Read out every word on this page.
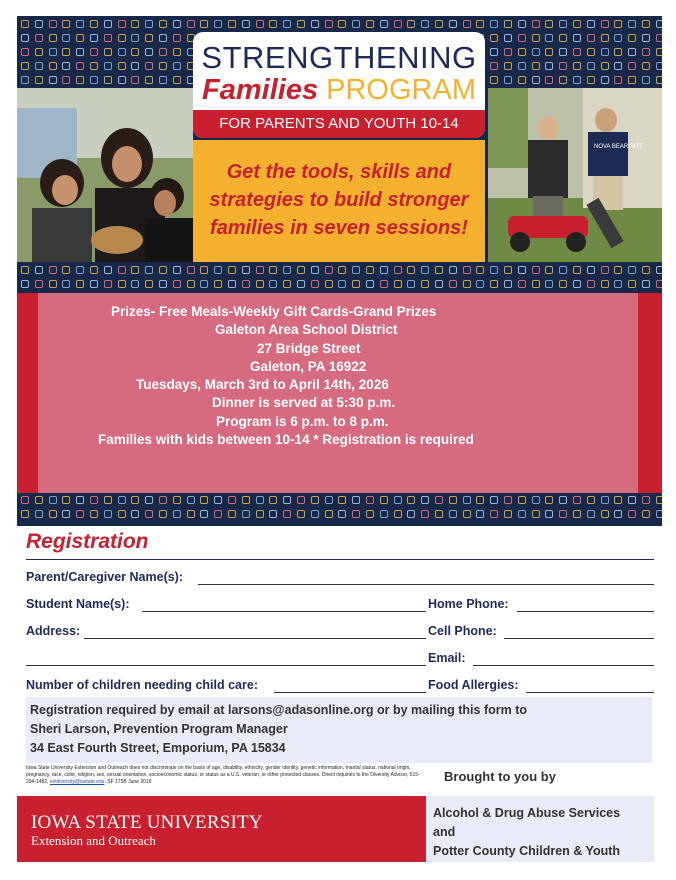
NOVA BEAR SITE
STRENGTHENING
Families PROGRAM
FOR PARENTS AND YOUTH 10-14
Get the tools, skills and
strategies to build stronger
families in seven sessions!
Prizes- Free Meals-Weekly Gift Cards-Grand Prizes
Galeton Area School District
27 Bridge Street
Galeton, PA 16922
Tuesdays, March 3rd to April 14th, 2026
Dinner is served at 5:30 p.m.
Program is 6 p.m. to 8 p.m.
Families with kids between 10-14 * Registration is required
Registration
Parent/Caregiver Name(s):
Student Name(s):	Home Phone:
Address:	Cell Phone:
Email:
Number of children needing child care:	Food Allergies:
Registration required by email at larsons@adasonline.org or by mailing this form to
Sheri Larson, Prevention Program Manager
34 East Fourth Street, Emporium, PA 15834
Iowa State University Extension and Outreach does not discriminate on the basis of age, disability, ethnicity, gender identity, genetic information, marital status, national origin, pregnancy, race, color, religion, sex, sexual orientation, socioeconomic status, or status as a U.S. veteran, or other protected classes. Direct inquiries to the Diversity Advisor, 515-294-1482, extdiversity@iastate.edu. SF 175B June 2019	Brought to you by
IOWA STATE UNIVERSITY
Extension and Outreach
Alcohol & Drug Abuse Services
and
Potter County Children & Youth
